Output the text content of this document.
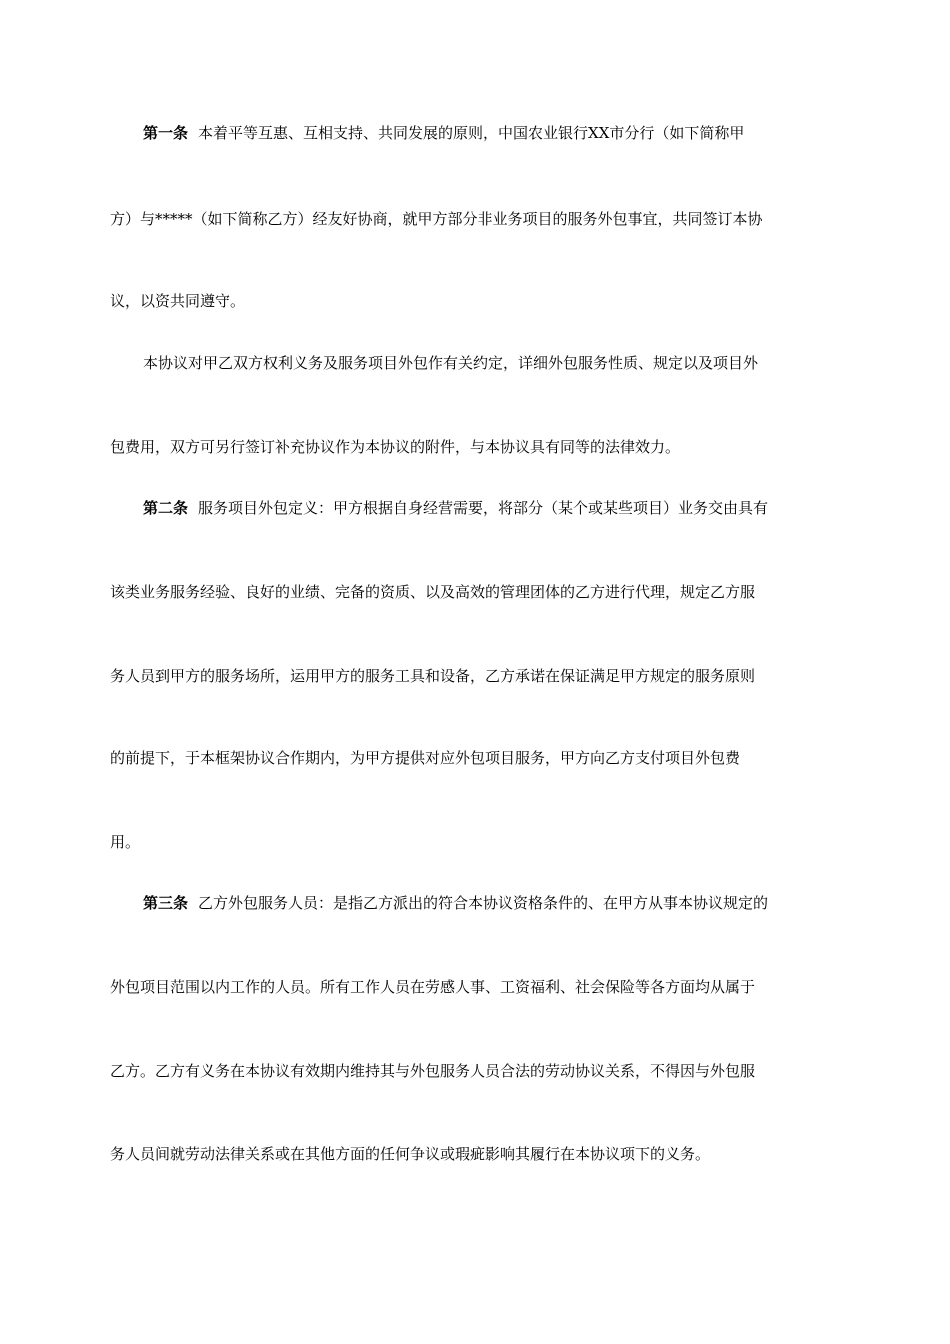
第一条 本着平等互惠、互相支持、共同发展的原则，中国农业银行XX市分行（如下简称甲
方）与*****（如下简称乙方）经友好协商，就甲方部分非业务项目的服务外包事宜，共同签订本协
议，以资共同遵守。
本协议对甲乙双方权利义务及服务项目外包作有关约定，详细外包服务性质、规定以及项目外
包费用，双方可另行签订补充协议作为本协议的附件，与本协议具有同等的法律效力。
第二条 服务项目外包定义：甲方根据自身经营需要，将部分（某个或某些项目）业务交由具有
该类业务服务经验、良好的业绩、完备的资质、以及高效的管理团体的乙方进行代理，规定乙方服
务人员到甲方的服务场所，运用甲方的服务工具和设备，乙方承诺在保证满足甲方规定的服务原则
的前提下，于本框架协议合作期内，为甲方提供对应外包项目服务，甲方向乙方支付项目外包费
用。
第三条 乙方外包服务人员：是指乙方派出的符合本协议资格条件的、在甲方从事本协议规定的
外包项目范围以内工作的人员。所有工作人员在劳感人事、工资福利、社会保险等各方面均从属于
乙方。乙方有义务在本协议有效期内维持其与外包服务人员合法的劳动协议关系，不得因与外包服
务人员间就劳动法律关系或在其他方面的任何争议或瑕疵影响其履行在本协议项下的义务。
